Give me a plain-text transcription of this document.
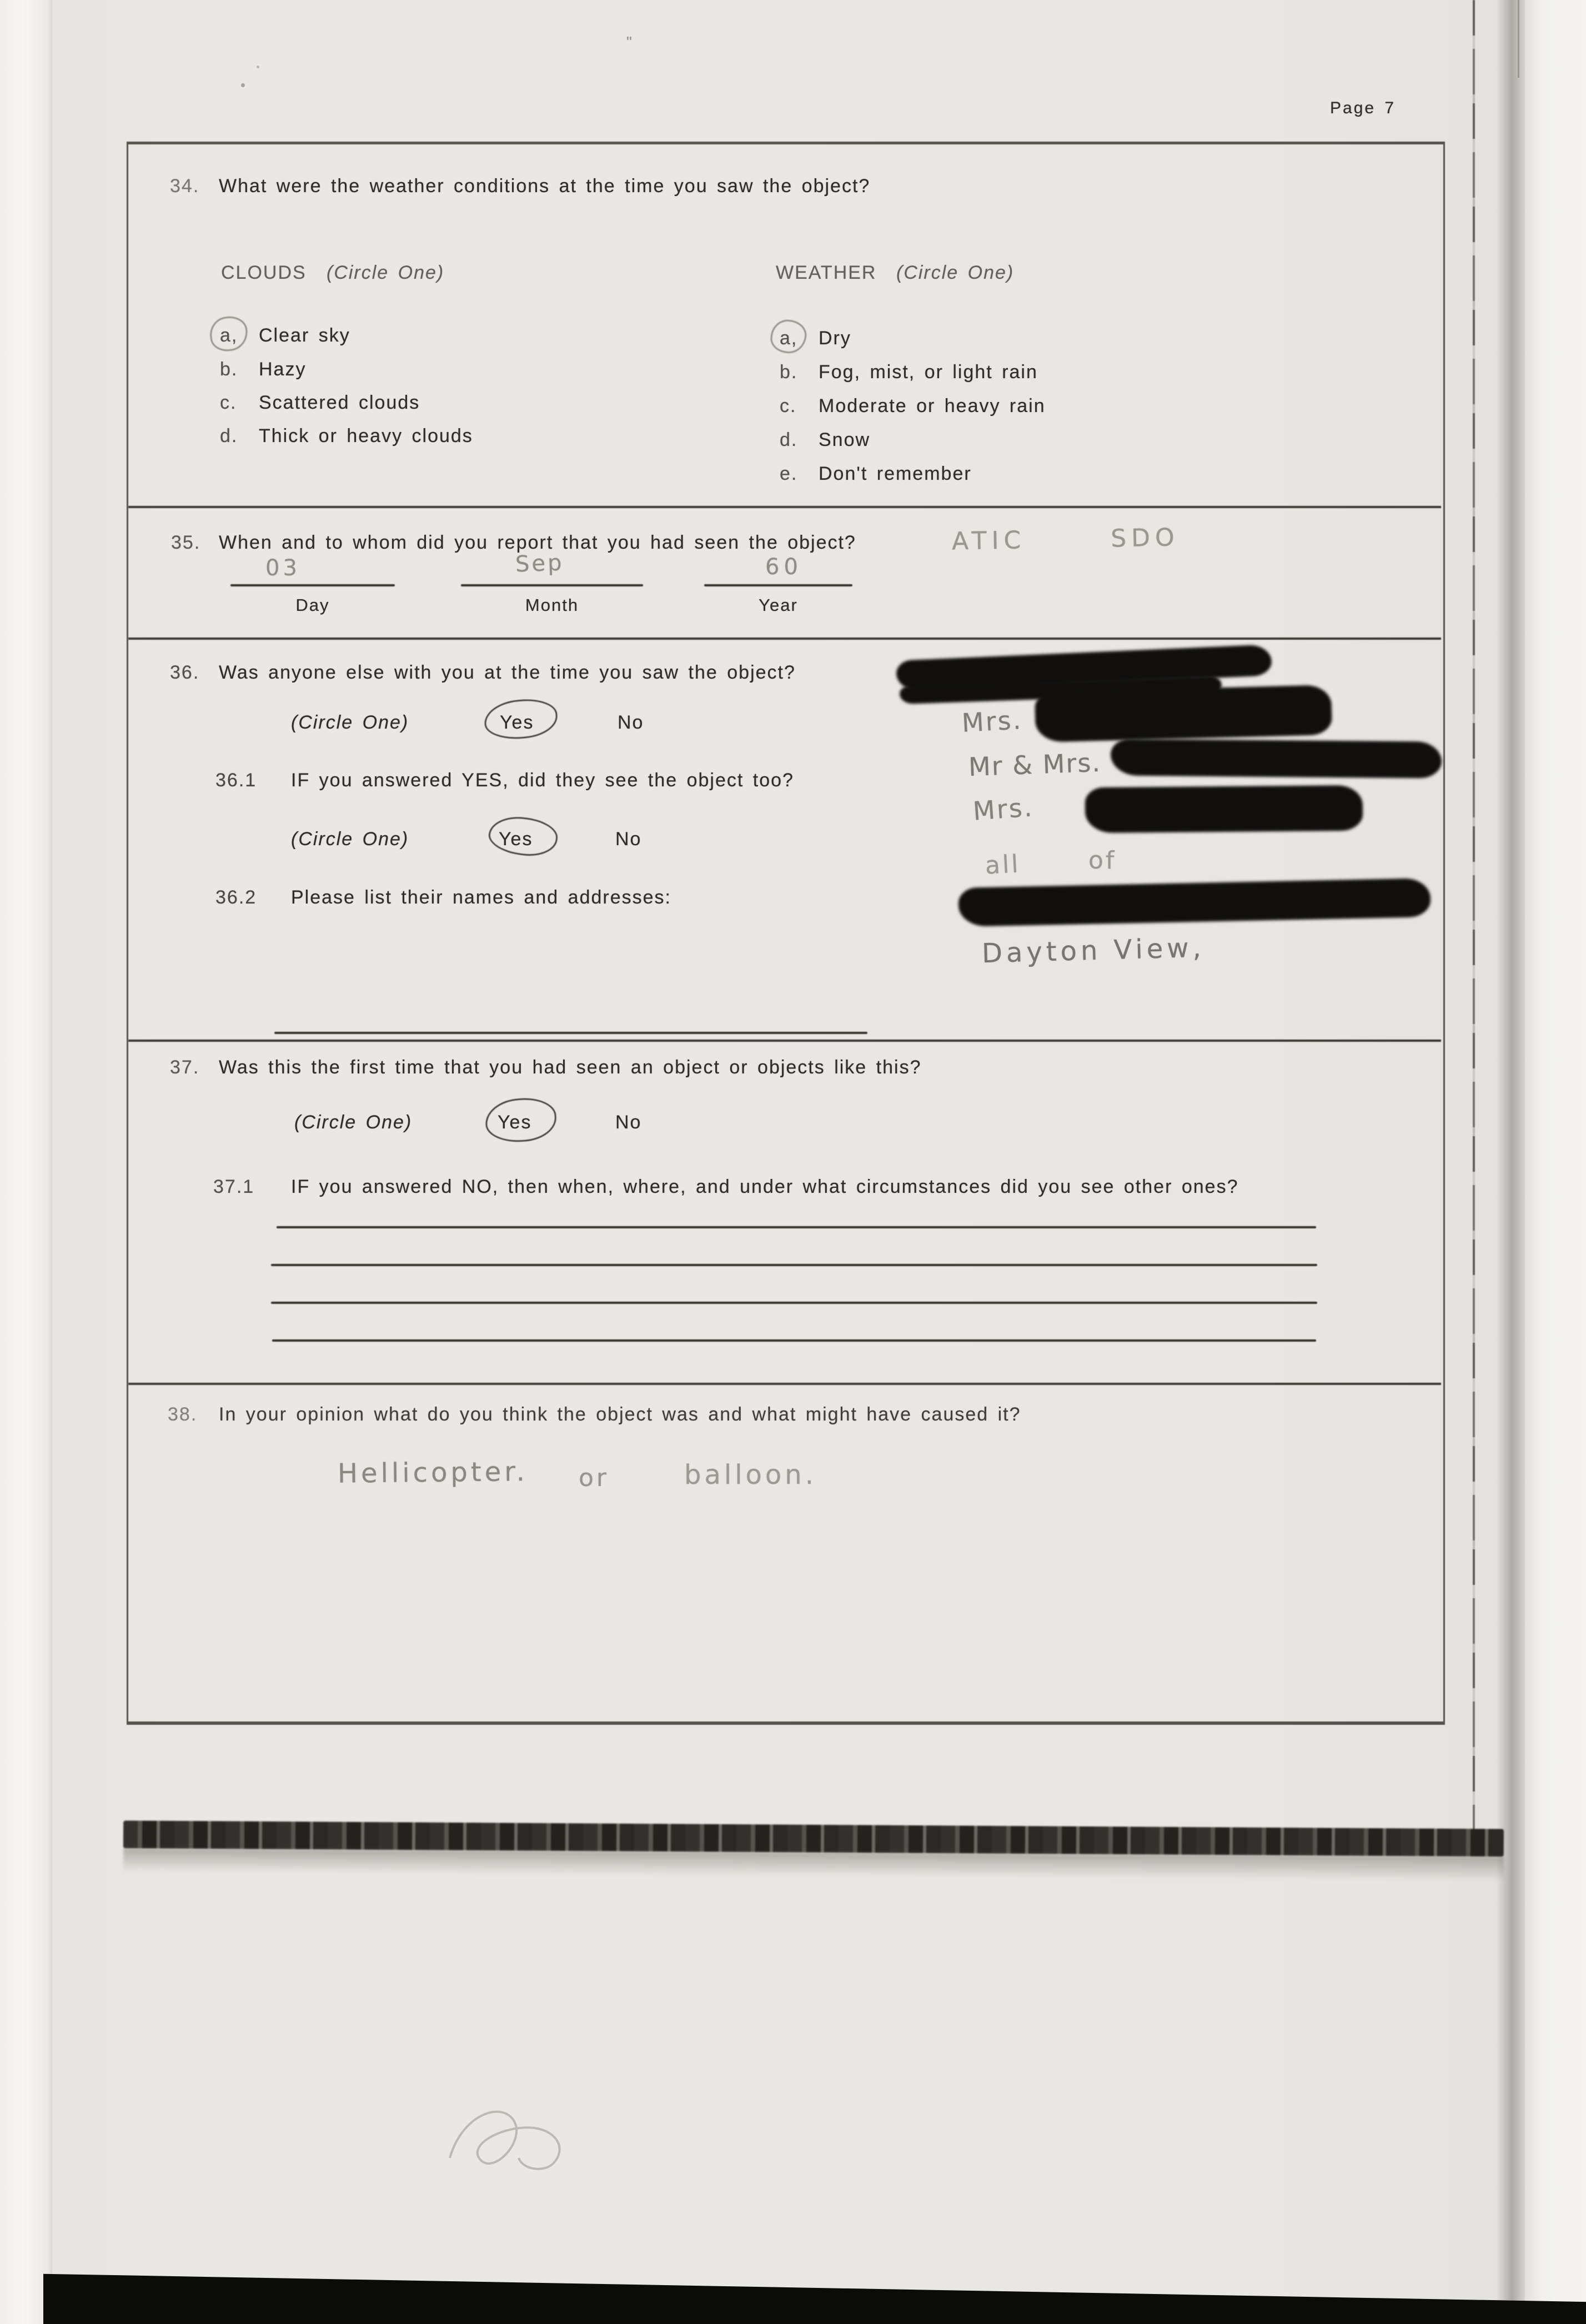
"
Page 7
34. What were the weather conditions at the time you saw the object?
CLOUDS (Circle One)	WEATHER (Circle One)
a, Clear sky
b. Hazy
c. Scattered clouds
d. Thick or heavy clouds
a, Dry
b. Fog, mist, or light rain
c. Moderate or heavy rain
d. Snow
e. Don't remember
35. When and to whom did you report that you had seen the object?	ATIC   SDO
03	Sep	60
Day	Month	Year
36. Was anyone else with you at the time you saw the object?
(Circle One)	Yes	No
36.1 IF you answered YES, did they see the object too?
(Circle One)	Yes	No
36.2 Please list their names and addresses:
Mrs.
Mr & Mrs.
Mrs.
all	of
Dayton View,
37. Was this the first time that you had seen an object or objects like this?
(Circle One)	Yes	No
37.1 IF you answered NO, then when, where, and under what circumstances did you see other ones?
38. In your opinion what do you think the object was and what might have caused it?
Hellicopter. or	balloon.
